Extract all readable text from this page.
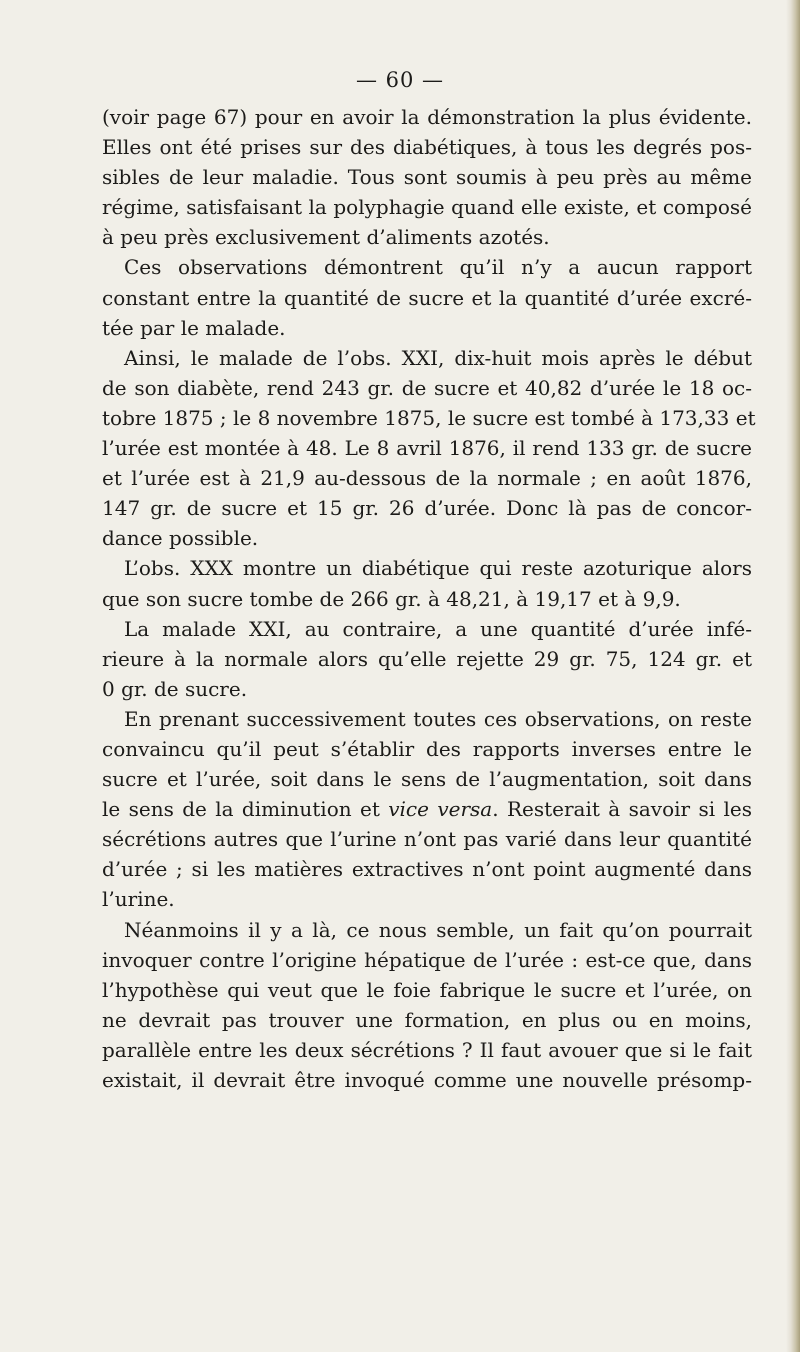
— 60 —
(voir page 67) pour en avoir la démonstration la plus évidente.
Elles ont été prises sur des diabétiques, à tous les degrés pos-
sibles de leur maladie. Tous sont soumis à peu près au même
régime, satisfaisant la polyphagie quand elle existe, et composé
à peu près exclusivement d’aliments azotés.
Ces observations démontrent qu’il n’y a aucun rapport
constant entre la quantité de sucre et la quantité d’urée excré-
tée par le malade.
Ainsi, le malade de l’obs. XXI, dix-huit mois après le début
de son diabète, rend 243 gr. de sucre et 40,82 d’urée le 18 oc-
tobre 1875 ; le 8 novembre 1875, le sucre est tombé à 173,33 et
l’urée est montée à 48. Le 8 avril 1876, il rend 133 gr. de sucre
et l’urée est à 21,9 au-dessous de la normale ; en août 1876,
147 gr. de sucre et 15 gr. 26 d’urée. Donc là pas de concor-
dance possible.
L’obs. XXX montre un diabétique qui reste azoturique alors
que son sucre tombe de 266 gr. à 48,21, à 19,17 et à 9,9.
La malade XXI, au contraire, a une quantité d’urée infé-
rieure à la normale alors qu’elle rejette 29 gr. 75, 124 gr. et
0 gr. de sucre.
En prenant successivement toutes ces observations, on reste
convaincu qu’il peut s’établir des rapports inverses entre le
sucre et l’urée, soit dans le sens de l’augmentation, soit dans
le sens de la diminution et vice versa. Resterait à savoir si les
sécrétions autres que l’urine n’ont pas varié dans leur quantité
d’urée ; si les matières extractives n’ont point augmenté dans
l’urine.
Néanmoins il y a là, ce nous semble, un fait qu’on pourrait
invoquer contre l’origine hépatique de l’urée : est-ce que, dans
l’hypothèse qui veut que le foie fabrique le sucre et l’urée, on
ne devrait pas trouver une formation, en plus ou en moins,
parallèle entre les deux sécrétions ? Il faut avouer que si le fait
existait, il devrait être invoqué comme une nouvelle présomp-
